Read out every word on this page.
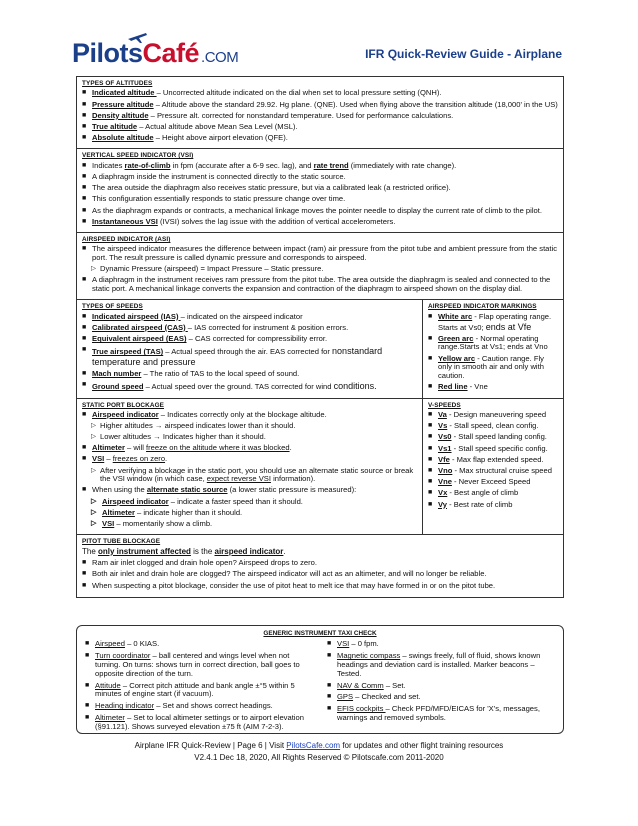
PilotsCafé .COM	IFR Quick-Review Guide - Airplane
TYPES OF ALTITUDES
■ Indicated altitude – Uncorrected altitude indicated on the dial when set to local pressure setting (QNH).
■ Pressure altitude – Altitude above the standard 29.92. Hg plane. (QNE). Used when flying above the transition altitude (18,000' in the US)
■ Density altitude – Pressure alt. corrected for nonstandard temperature. Used for performance calculations.
■ True altitude – Actual altitude above Mean Sea Level (MSL).
■ Absolute altitude – Height above airport elevation (QFE).
VERTICAL SPEED INDICATOR (VSI)
■ Indicates rate-of-climb in fpm (accurate after a 6-9 sec. lag), and rate trend (immediately with rate change).
■ A diaphragm inside the instrument is connected directly to the static source.
■ The area outside the diaphragm also receives static pressure, but via a calibrated leak (a restricted orifice).
■ This configuration essentially responds to static pressure change over time.
■ As the diaphragm expands or contracts, a mechanical linkage moves the pointer needle to display the current rate of climb to the pilot.
■ Instantaneous VSI (IVSI) solves the lag issue with the addition of vertical accelerometers.
AIRSPEED INDICATOR (ASI)
■ The airspeed indicator measures the difference between impact (ram) air pressure from the pitot tube and ambient pressure from the static port. The result pressure is called dynamic pressure and corresponds to airspeed.
▷ Dynamic Pressure (airspeed) = Impact Pressure – Static pressure.
■ A diaphragm in the instrument receives ram pressure from the pitot tube. The area outside the diaphragm is sealed and connected to the static port. A mechanical linkage converts the expansion and contraction of the diaphragm to airspeed shown on the display dial.
TYPES OF SPEEDS
■ Indicated airspeed (IAS) – indicated on the airspeed indicator
■ Calibrated airspeed (CAS) – IAS corrected for instrument & position errors.
■ Equivalent airspeed (EAS) – CAS corrected for compressibility error.
■ True airspeed (TAS) – Actual speed through the air. EAS corrected for nonstandard temperature and pressure
■ Mach number – The ratio of TAS to the local speed of sound.
■ Ground speed – Actual speed over the ground. TAS corrected for wind conditions.
STATIC PORT BLOCKAGE
■ Airspeed indicator – Indicates correctly only at the blockage altitude.
▷ Higher altitudes → airspeed indicates lower than it should.
▷ Lower altitudes → Indicates higher than it should.
■ Altimeter – will freeze on the altitude where it was blocked.
■ VSI – freezes on zero.
▷ After verifying a blockage in the static port, you should use an alternate static source or break the VSI window (in which case, expect reverse VSI information).
■ When using the alternate static source (a lower static pressure is measured):
▷ Airspeed indicator – indicate a faster speed than it should.
▷ Altimeter – indicate higher than it should.
▷ VSI – momentarily show a climb.
AIRSPEED INDICATOR MARKINGS
■ White arc - Flap operating range. Starts at Vs0; ends at Vfe
■ Green arc - Normal operating range.Starts at Vs1; ends at Vno
■ Yellow arc - Caution range. Fly only in smooth air and only with caution.
■ Red line - Vne
V-SPEEDS
■ Va - Design maneuvering speed
■ Vs - Stall speed, clean config.
■ Vs0 - Stall speed landing config.
■ Vs1 - Stall speed specific config.
■ Vfe - Max flap extended speed.
■ Vno - Max structural cruise speed
■ Vne - Never Exceed Speed
■ Vx - Best angle of climb
■ Vy - Best rate of climb
PITOT TUBE BLOCKAGE
The only instrument affected is the airspeed indicator.
■ Ram air inlet clogged and drain hole open? Airspeed drops to zero.
■ Both air inlet and drain hole are clogged? The airspeed indicator will act as an altimeter, and will no longer be reliable.
■ When suspecting a pitot blockage, consider the use of pitot heat to melt ice that may have formed in or on the pitot tube.
GENERIC INSTRUMENT TAXI CHECK
■ Airspeed – 0 KIAS.
■ Turn coordinator – ball centered and wings level when not turning. On turns: shows turn in correct direction, ball goes to opposite direction of the turn.
■ Attitude – Correct pitch attitude and bank angle ±°5 within 5 minutes of engine start (if vacuum).
■ Heading indicator – Set and shows correct headings.
■ Altimeter – Set to local altimeter settings or to airport elevation (§91.121). Shows surveyed elevation ±75 ft (AIM 7-2-3).
■ VSI – 0 fpm.
■ Magnetic compass – swings freely, full of fluid, shows known headings and deviation card is installed. Marker beacons – Tested.
■ NAV & Comm – Set.
■ GPS – Checked and set.
■ EFIS cockpits – Check PFD/MFD/EICAS for 'X's, messages, warnings and removed symbols.
Airplane IFR Quick-Review | Page 6 | Visit PilotsCafe.com for updates and other flight training resources
V2.4.1 Dec 18, 2020, All Rights Reserved © Pilotscafe.com 2011-2020
